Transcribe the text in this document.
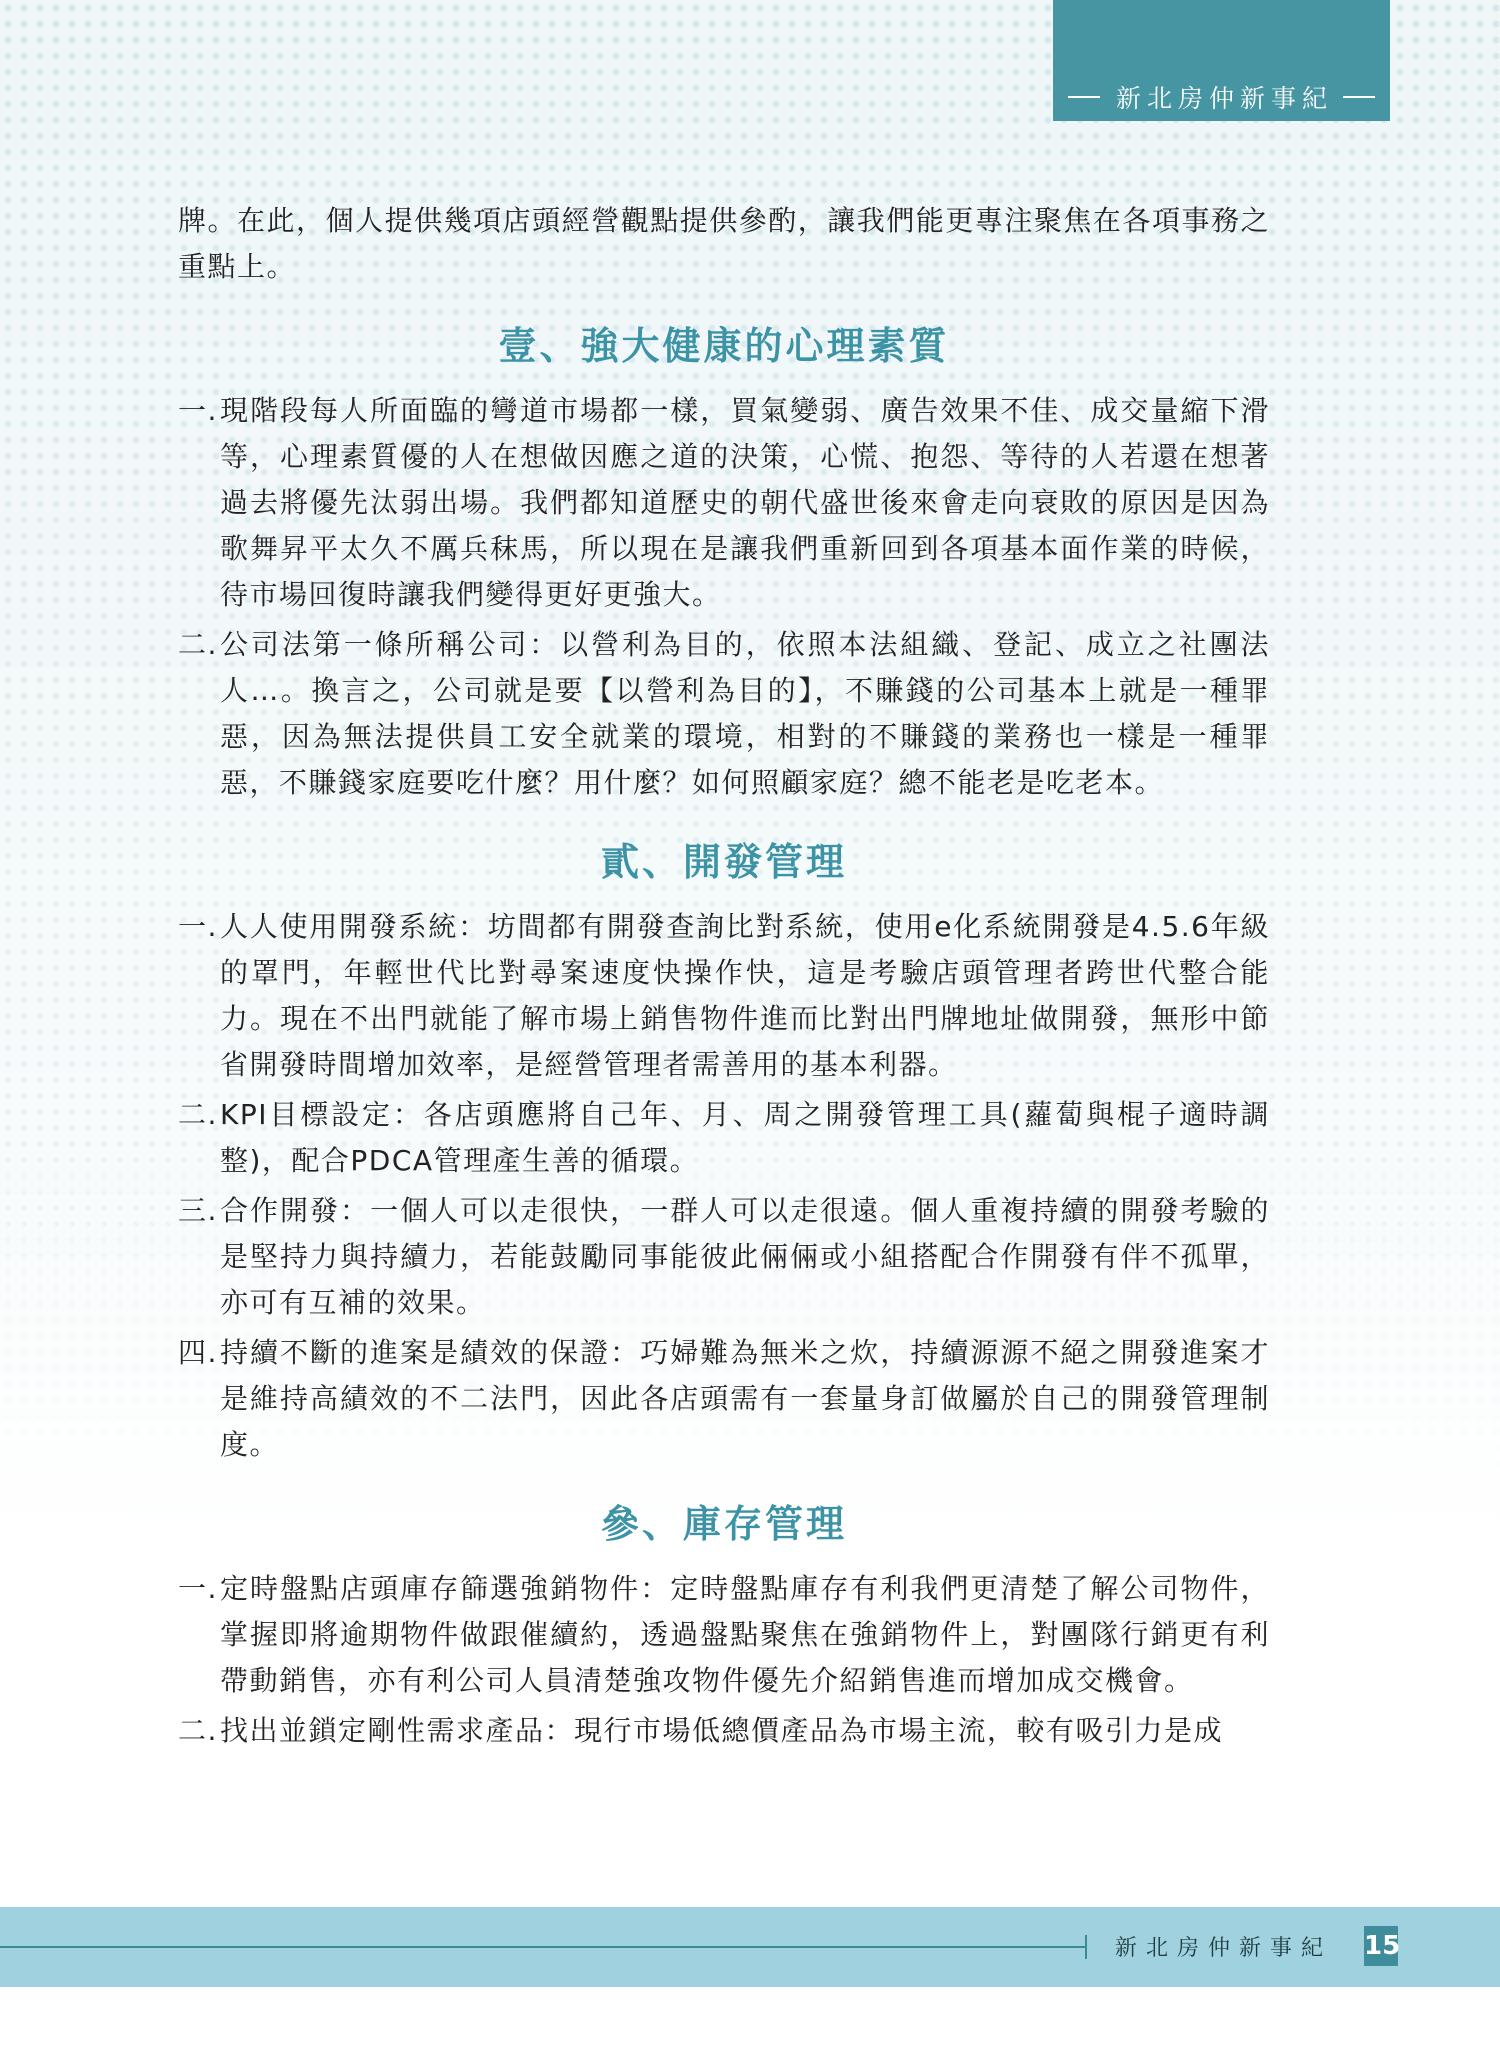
新北房仲新事紀

牌。在此，個人提供幾項店頭經營觀點提供參酌，讓我們能更專注聚焦在各項事務之重點上。

壹、強大健康的心理素質
一. 現階段每人所面臨的彎道市場都一樣，買氣變弱、廣告效果不佳、成交量縮下滑等，心理素質優的人在想做因應之道的決策，心慌、抱怨、等待的人若還在想著過去將優先汰弱出場。我們都知道歷史的朝代盛世後來會走向衰敗的原因是因為歌舞昇平太久不厲兵秣馬，所以現在是讓我們重新回到各項基本面作業的時候，待市場回復時讓我們變得更好更強大。
二. 公司法第一條所稱公司：以營利為目的，依照本法組織、登記、成立之社團法人…。換言之，公司就是要【以營利為目的】，不賺錢的公司基本上就是一種罪惡，因為無法提供員工安全就業的環境，相對的不賺錢的業務也一樣是一種罪惡，不賺錢家庭要吃什麼？用什麼？如何照顧家庭？總不能老是吃老本。
貳、開發管理
一. 人人使用開發系統：坊間都有開發查詢比對系統，使用e化系統開發是4.5.6年級的罩門，年輕世代比對尋案速度快操作快，這是考驗店頭管理者跨世代整合能力。現在不出門就能了解市場上銷售物件進而比對出門牌地址做開發，無形中節省開發時間增加效率，是經營管理者需善用的基本利器。
二. KPI目標設定：各店頭應將自己年、月、周之開發管理工具(蘿蔔與棍子適時調整)，配合PDCA管理產生善的循環。
三. 合作開發：一個人可以走很快，一群人可以走很遠。個人重複持續的開發考驗的是堅持力與持續力，若能鼓勵同事能彼此倆倆或小組搭配合作開發有伴不孤單，亦可有互補的效果。
四. 持續不斷的進案是績效的保證：巧婦難為無米之炊，持續源源不絕之開發進案才是維持高績效的不二法門，因此各店頭需有一套量身訂做屬於自己的開發管理制度。
參、庫存管理
一. 定時盤點店頭庫存篩選強銷物件：定時盤點庫存有利我們更清楚了解公司物件，掌握即將逾期物件做跟催續約，透過盤點聚焦在強銷物件上，對團隊行銷更有利帶動銷售，亦有利公司人員清楚強攻物件優先介紹銷售進而增加成交機會。
二. 找出並鎖定剛性需求產品：現行市場低總價產品為市場主流，較有吸引力是成
新北房仲新事紀 15
